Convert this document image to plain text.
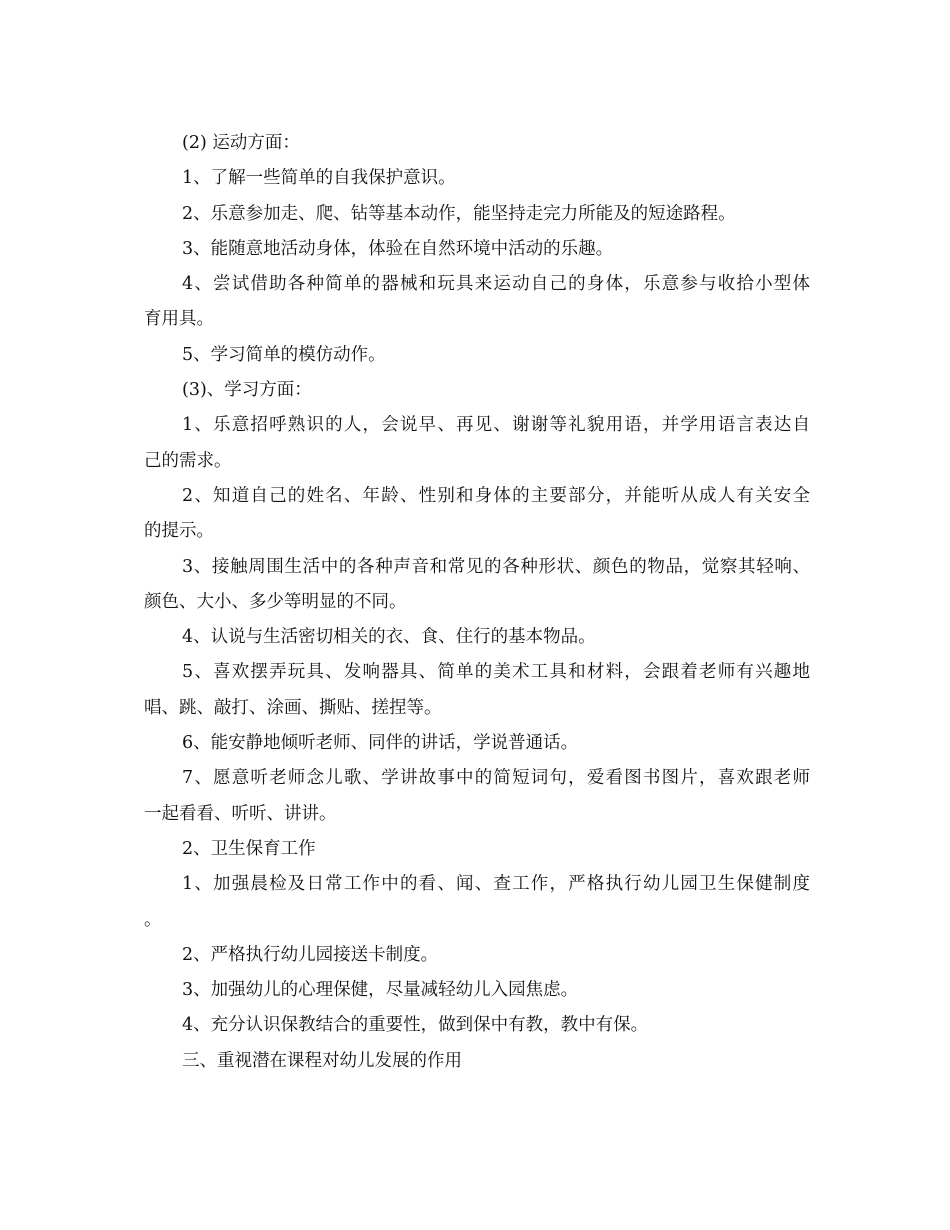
(2) 运动方面：
1、了解一些简单的自我保护意识。
2、乐意参加走、爬、钻等基本动作，能坚持走完力所能及的短途路程。
3、能随意地活动身体，体验在自然环境中活动的乐趣。
4、尝试借助各种简单的器械和玩具来运动自己的身体，乐意参与收拾小型体
育用具。
5、学习简单的模仿动作。
(3)、学习方面：
1、乐意招呼熟识的人，会说早、再见、谢谢等礼貌用语，并学用语言表达自
己的需求。
2、知道自己的姓名、年龄、性别和身体的主要部分，并能听从成人有关安全
的提示。
3、接触周围生活中的各种声音和常见的各种形状、颜色的物品，觉察其轻响、
颜色、大小、多少等明显的不同。
4、认说与生活密切相关的衣、食、住行的基本物品。
5、喜欢摆弄玩具、发响器具、简单的美术工具和材料，会跟着老师有兴趣地
唱、跳、敲打、涂画、撕贴、搓捏等。
6、能安静地倾听老师、同伴的讲话，学说普通话。
7、愿意听老师念儿歌、学讲故事中的简短词句，爱看图书图片，喜欢跟老师
一起看看、听听、讲讲。
2、卫生保育工作
1、加强晨检及日常工作中的看、闻、查工作，严格执行幼儿园卫生保健制度
。
2、严格执行幼儿园接送卡制度。
3、加强幼儿的心理保健，尽量减轻幼儿入园焦虑。
4、充分认识保教结合的重要性，做到保中有教，教中有保。
三、重视潜在课程对幼儿发展的作用
